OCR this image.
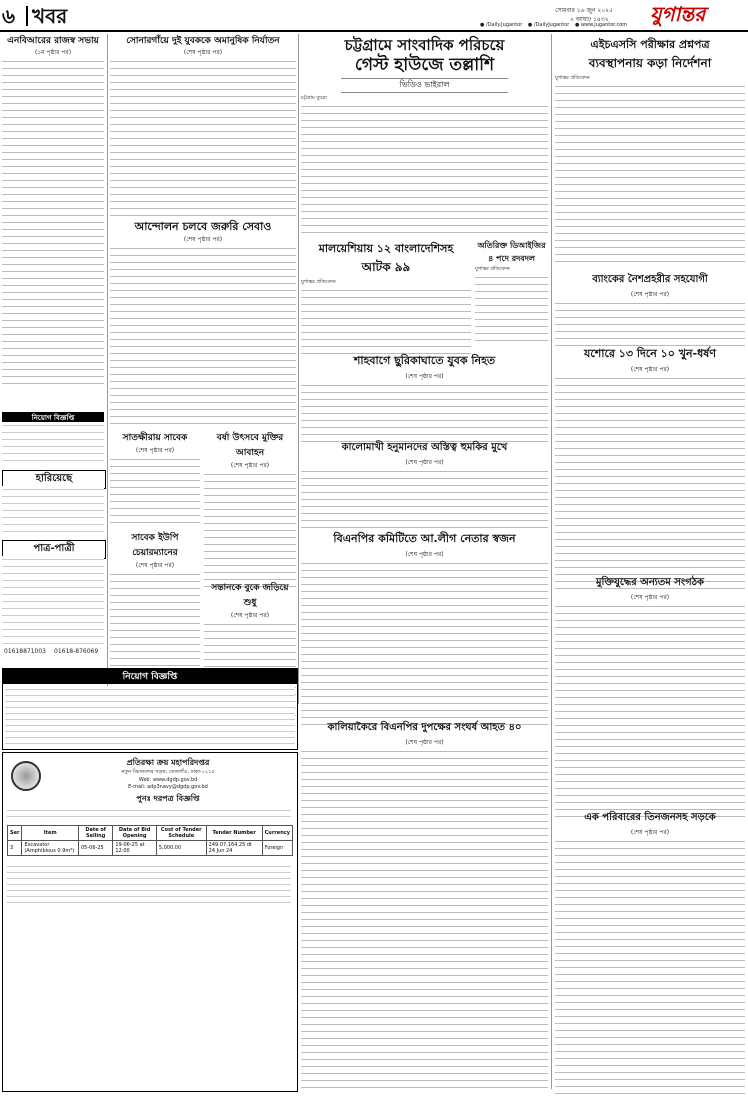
৬ খবর	সোমবার ১৬ জুন ২০২৫
২ আষাঢ় ১৪৩২ যুগান্তর
● /Daily.Jugantor ● /DailyJugantor ● www.jugantor.com
এনবিআরের রাজস্ব সভায়
(১ম পৃষ্ঠার পর)
নিয়োগ বিজ্ঞপ্তি
হারিয়েছে
পাত্র-পাত্রী
01618871003 01618-876069
সোনারগাঁয়ে দুই যুবককে অমানুষিক নির্যাতন
(শেষ পৃষ্ঠার পর)
আন্দোলন চলবে জরুরি সেবাও
(শেষ পৃষ্ঠার পর)
সাতক্ষীরায় সাবেক
(শেষ পৃষ্ঠার পর)
বর্ষা উৎসবে মুক্তির আবাহন
(শেষ পৃষ্ঠার পর)
সাবেক ইউপি চেয়ারম্যানের
(শেষ পৃষ্ঠার পর)
সন্তানকে বুকে জড়িয়ে শুধু
(শেষ পৃষ্ঠার পর)
চট্টগ্রামে সাংবাদিক পরিচয়ে
গেস্ট হাউজে তল্লাশি
ভিডিও ভাইরাল
চট্টগ্রাম ব্যুরো
মালয়েশিয়ায় ১২ বাংলাদেশিসহ
আটক ৯৯
যুগান্তর প্রতিবেদন
অতিরিক্ত ডিআইজির
৪ পদে রদবদল
যুগান্তর প্রতিবেদন
শাহবাগে ছুরিকাঘাতে যুবক নিহত
(শেষ পৃষ্ঠার পর)
কালোমাখী হনুমানদের অস্তিত্ব হুমকির মুখে
(শেষ পৃষ্ঠার পর)
বিএনপির কমিটিতে আ.লীগ নেতার স্বজন
(শেষ পৃষ্ঠার পর)
কালিয়াকৈরে বিএনপির দুপক্ষের সংঘর্ষ আহত ৪০
(শেষ পৃষ্ঠার পর)
এইচএসসি পরীক্ষার প্রশ্নপত্র
ব্যবস্থাপনায় কড়া নির্দেশনা
যুগান্তর প্রতিবেদন
ব্যাংকের নৈশপ্রহরীর সহযোগী
(শেষ পৃষ্ঠার পর)
যশোরে ১৩ দিনে ১০ খুন-ধর্ষণ
(শেষ পৃষ্ঠার পর)
মুক্তিযুদ্ধের অন্যতম সংগঠক
(শেষ পৃষ্ঠার পর)
এক পরিবারের তিনজনসহ সড়কে
(শেষ পৃষ্ঠার পর)
নিয়োগ বিজ্ঞপ্তি
প্রতিরক্ষা ক্রয় মহাপরিদপ্তর
নতুন বিমানবন্দর সড়ক, তেজগাঁও, ঢাকা-১২১৫
Web: www.dgdp.gov.bd
E-mail: adp3navy@dgdp.gov.bd
পুনঃ দরপত্র বিজ্ঞপ্তি
Ser	Item	Date of Selling	Date of Bid Opening	Cost of Tender Schedule	Tender Number	Currency
3	Excavator (Amphibious 0.9m³)	05-06-25	19-06-25 at 12:00	5,000.00	249.07.164.25 dt 24 Jun 24	Foreign
